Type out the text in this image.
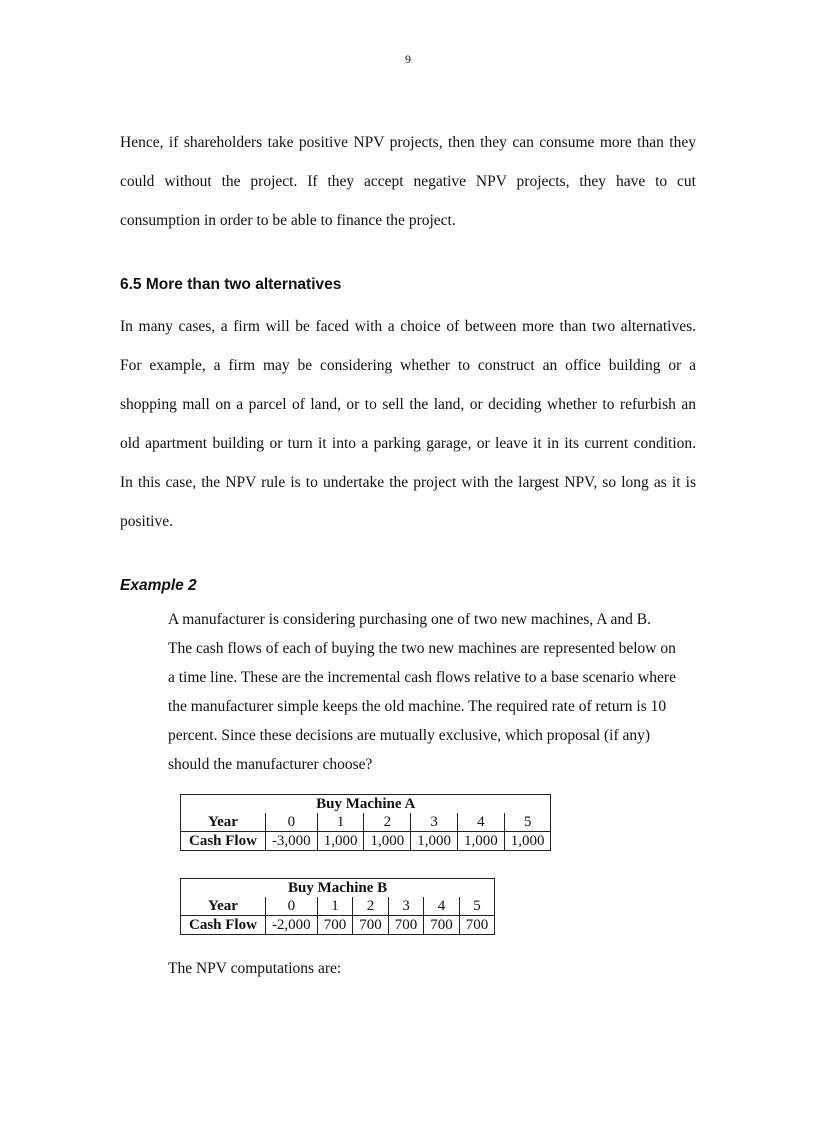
9

Hence, if shareholders take positive NPV projects, then they can consume more than they

could without the project. If they accept negative NPV projects, they have to cut

consumption in order to be able to finance the project.

6.5 More than two alternatives

In many cases, a firm will be faced with a choice of between more than two alternatives.

For example, a firm may be considering whether to construct an office building or a

shopping mall on a parcel of land, or to sell the land, or deciding whether to refurbish an

old apartment building or turn it into a parking garage, or leave it in its current condition.

In this case, the NPV rule is to undertake the project with the largest NPV, so long as it is

positive.

Example 2

A manufacturer is considering purchasing one of two new machines, A and B.

The cash flows of each of buying the two new machines are represented below on

a time line. These are the incremental cash flows relative to a base scenario where

the manufacturer simple keeps the old machine. The required rate of return is 10

percent. Since these decisions are mutually exclusive, which proposal (if any)

should the manufacturer choose?

Buy Machine A						
Year	0	1	2	3	4	5
Cash Flow	-3,000	1,000	1,000	1,000	1,000	1,000
Buy Machine B						
Year	0	1	2	3	4	5
Cash Flow	-2,000	700	700	700	700	700

The NPV computations are:
